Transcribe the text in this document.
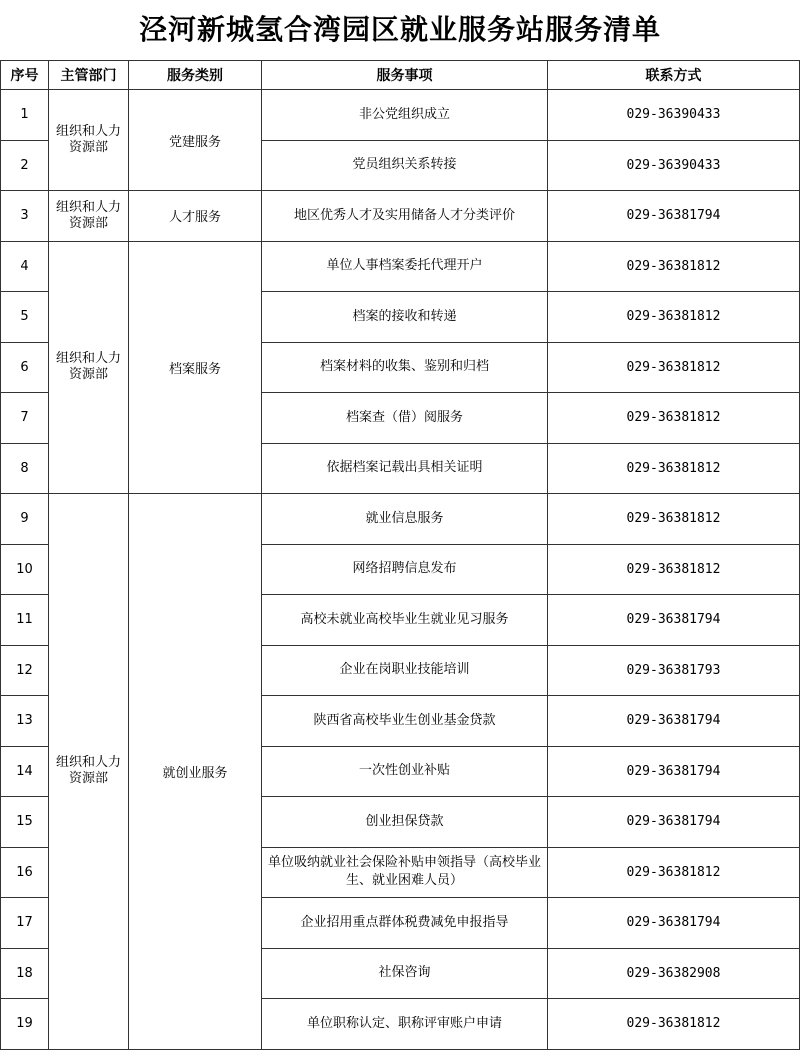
泾河新城氢合湾园区就业服务站服务清单
序号	主管部门	服务类别	服务事项	联系方式
1	组织和人力资源部	党建服务	非公党组织成立	029-36390433
2			党员组织关系转接	029-36390433
3	组织和人力资源部	人才服务	地区优秀人才及实用储备人才分类评价	029-36381794
4	组织和人力资源部	档案服务	单位人事档案委托代理开户	029-36381812
5			档案的接收和转递	029-36381812
6			档案材料的收集、鉴别和归档	029-36381812
7			档案查（借）阅服务	029-36381812
8			依据档案记载出具相关证明	029-36381812
9	组织和人力资源部	就创业服务	就业信息服务	029-36381812
10			网络招聘信息发布	029-36381812
11			高校未就业高校毕业生就业见习服务	029-36381794
12			企业在岗职业技能培训	029-36381793
13			陕西省高校毕业生创业基金贷款	029-36381794
14			一次性创业补贴	029-36381794
15			创业担保贷款	029-36381794
16			单位吸纳就业社会保险补贴申领指导（高校毕业生、就业困难人员）	029-36381812
17			企业招用重点群体税费减免申报指导	029-36381794
18			社保咨询	029-36382908
19			单位职称认定、职称评审账户申请	029-36381812
